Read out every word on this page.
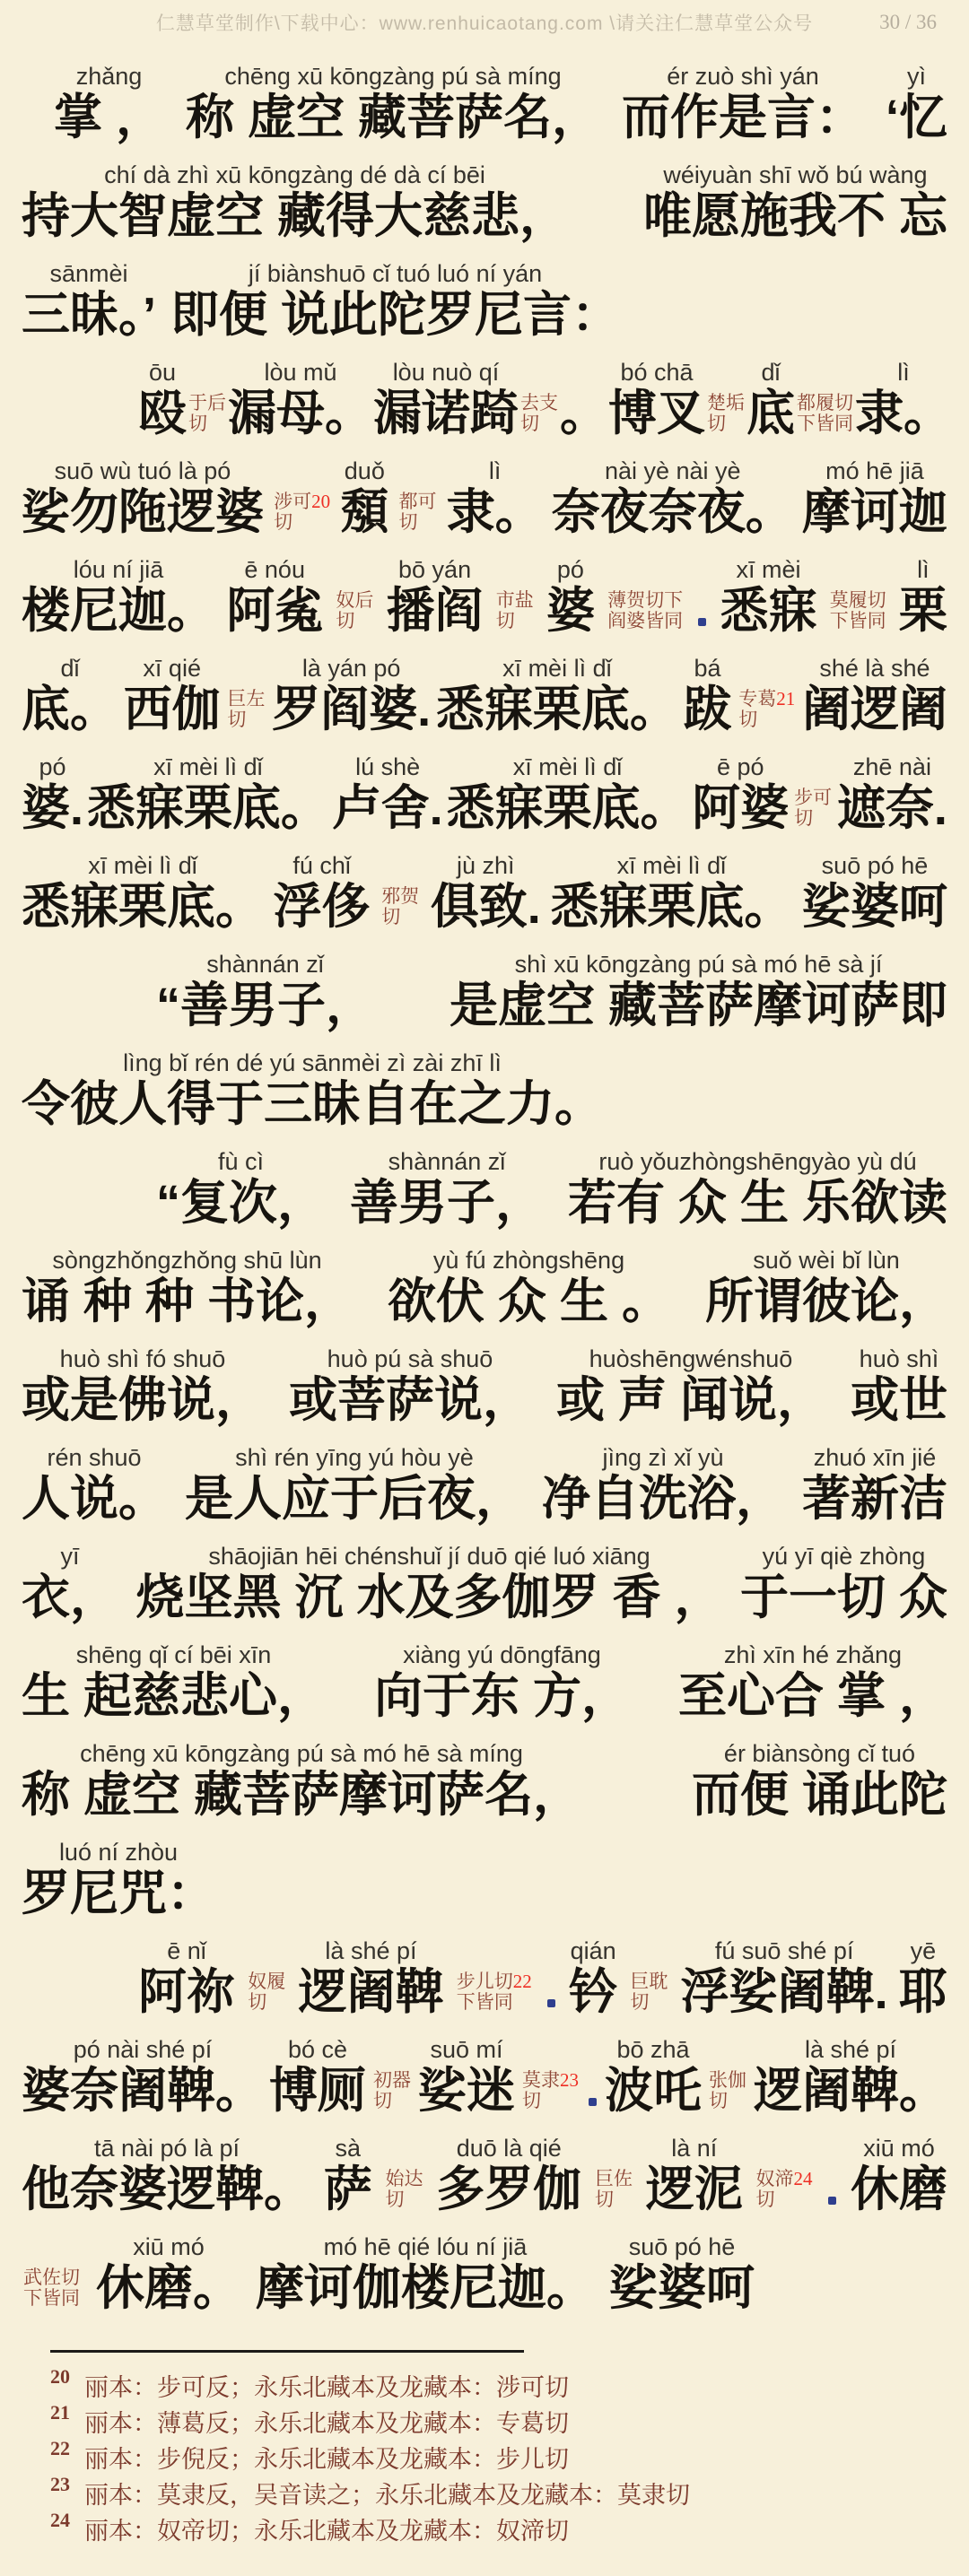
仁慧草堂制作\下载中心：www.renhuicaotang.com \请关注仁慧草堂公众号	30 / 36
zhǎng
掌 ，
chēng xū kōngzàng pú sà míng
称 虚空 藏菩萨名，
ér zuò shì yán
而作是言：
yì
‘忆
chí dà zhì xū kōngzàng dé dà cí bēi
持大智虚空 藏得大慈悲，
wéiyuàn shī wǒ bú wàng
唯愿施我不 忘
sānmèi
三昧。’
jí biànshuō cǐ tuó luó ní yán
即便 说此陀罗尼言：
ōu
殴 于后
切
lòu mǔ
漏母。
lòu nuò qí
漏诺踦 去支
切 。
bó chā
博叉 楚垢
切
dǐ
底 都履切
下皆同
lì
隶。
suō wù tuó là pó
娑勿陁逻婆 涉可20
切
duǒ
頺 都可
切
lì
隶。
nài yè nài yè
奈夜奈夜。
mó hē jiā
摩诃迦
lóu ní jiā
楼尼迦。
ē nóu
阿㝹 奴后
切
bō yán
播阎 市盐
切
pó
婆 薄贺切下
阎婆皆同
xī mèi
悉寐 莫履切
下皆同
lì
栗
dǐ
底。
xī qié
西伽 巨左
切
là yán pó
罗阎婆.
xī mèi lì dǐ
悉寐栗底。
bá
跋 专葛21
切
shé là shé
阇逻阇
pó
婆.
xī mèi lì dǐ
悉寐栗底。
lú shè
卢舍.
xī mèi lì dǐ
悉寐栗底。
ē pó
阿婆 步可
切
zhē nài
遮奈.
xī mèi lì dǐ
悉寐栗底。
fú chǐ
浮侈 邪贺
切
jù zhì
俱致.
xī mèi lì dǐ
悉寐栗底。
suō pó hē
娑婆呵
shànnán zǐ
“善男子，
shì xū kōngzàng pú sà mó hē sà jí
是虚空 藏菩萨摩诃萨即
lìng bǐ rén dé yú sānmèi zì zài zhī lì
令彼人得于三昧自在之力。
fù cì
“复次，
shànnán zǐ
善男子，
ruò yǒuzhòngshēngyào yù dú
若有 众 生 乐欲读
sòngzhǒngzhǒng shū lùn
诵 种 种 书论，
yù fú zhòngshēng
欲伏 众 生 。
suǒ wèi bǐ lùn
所谓彼论，
huò shì fó shuō
或是佛说，
huò pú sà shuō
或菩萨说，
huòshēngwénshuō
或 声 闻说，
huò shì
或世
rén shuō
人说。
shì rén yīng yú hòu yè
是人应于后夜，
jìng zì xǐ yù
净自洗浴，
zhuó xīn jié
著新洁
yī
衣，
shāojiān hēi chénshuǐ jí duō qié luó xiāng
烧坚黑 沉 水及多伽罗 香 ，
yú yī qiè zhòng
于一切 众
shēng qǐ cí bēi xīn
生 起慈悲心，
xiàng yú dōngfāng
向于东 方，
zhì xīn hé zhǎng
至心合 掌 ，
chēng xū kōngzàng pú sà mó hē sà míng
称 虚空 藏菩萨摩诃萨名，
ér biànsòng cǐ tuó
而便 诵此陀
luó ní zhòu
罗尼咒：
ē nǐ
阿祢 奴履
切
là shé pí
逻阇鞞 步儿切22
下皆同
qián
钤 巨耽
切
fú suō shé pí
浮娑阇鞞.
yē
耶
pó nài shé pí
婆奈阇鞞。
bó cè
博厕 初器
切
suō mí
娑迷 莫隶23
切
bō zhā
波吒 张伽
切
là shé pí
逻阇鞞。
tā nài pó là pí
他奈婆逻鞞。
sà
萨 始达
切
duō là qié
多罗伽 巨佐
切
là ní
逻泥 奴渧24
切
xiū mó
休磨
武佐切
下皆同
xiū mó
休磨。
mó hē qié lóu ní jiā
摩诃伽楼尼迦。
suō pó hē
娑婆呵
20 丽本：步可反；永乐北藏本及龙藏本：涉可切
21 丽本：薄葛反；永乐北藏本及龙藏本：专葛切
22 丽本：步倪反；永乐北藏本及龙藏本：步儿切
23 丽本：莫隶反，吴音读之；永乐北藏本及龙藏本：莫隶切
24 丽本：奴帝切；永乐北藏本及龙藏本：奴渧切
